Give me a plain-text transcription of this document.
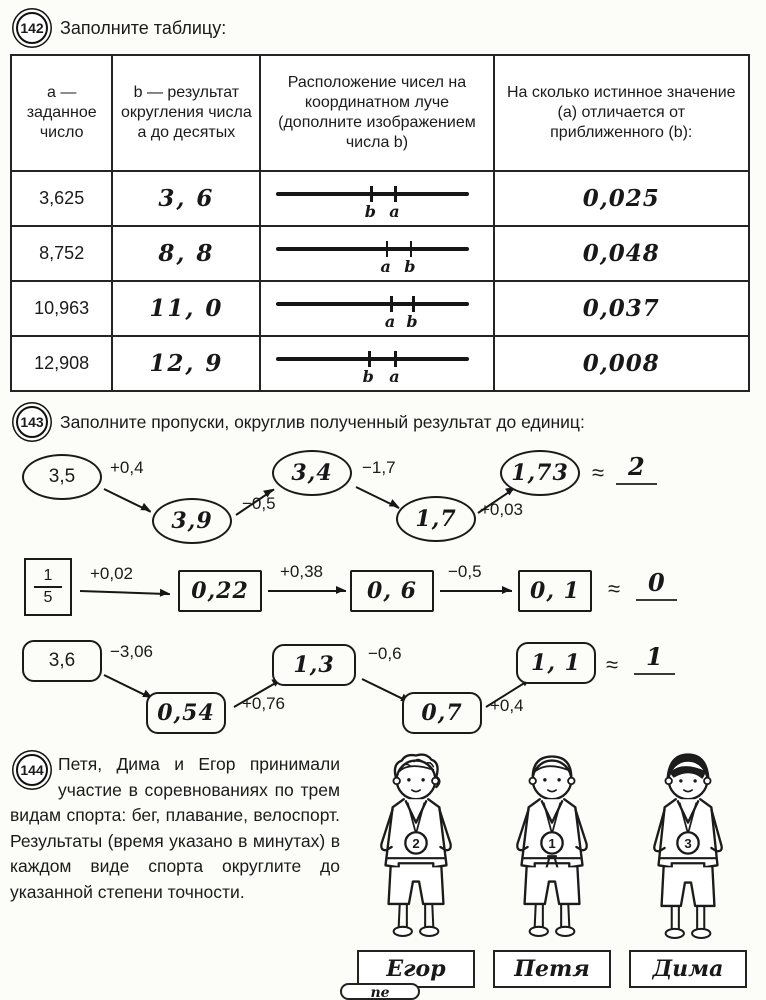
142 Заполните таблицу:
a — заданное число	b — результат округления числа a до десятых	Расположение чисел на координатном луче (дополните изображением числа b)	На сколько истинное значение (a) отличается от приближенного (b):
3,625	3, 6	b a	0,025
8,752	8, 8	a b	0,048
10,963	11, 0	a b	0,037
12,908	12, 9	b a	0,008
143 Заполните пропуски, округлив полученный результат до единиц:
3,5	+0,4
3,9
−0,5
3,4	−1,7
1,7	+0,03
1,73	≈ 2
$\frac{1}{5} +0,02$
0,22
+0,38
0, 6
−0,5
0, 1	≈	0
3,6	−3,06
0,54	+0,76
1,3	−0,6
0,7	+0,4
1, 1	≈	1
144 Петя, Дима и Егор принимали участие в соревнованиях по трем видам спорта: бег, плавание, велоспорт. Результаты (время указано в минутах) в каждом виде спорта округлите до указанной степени точности.
2
Егор
1
Петя
3
Дима
пе
